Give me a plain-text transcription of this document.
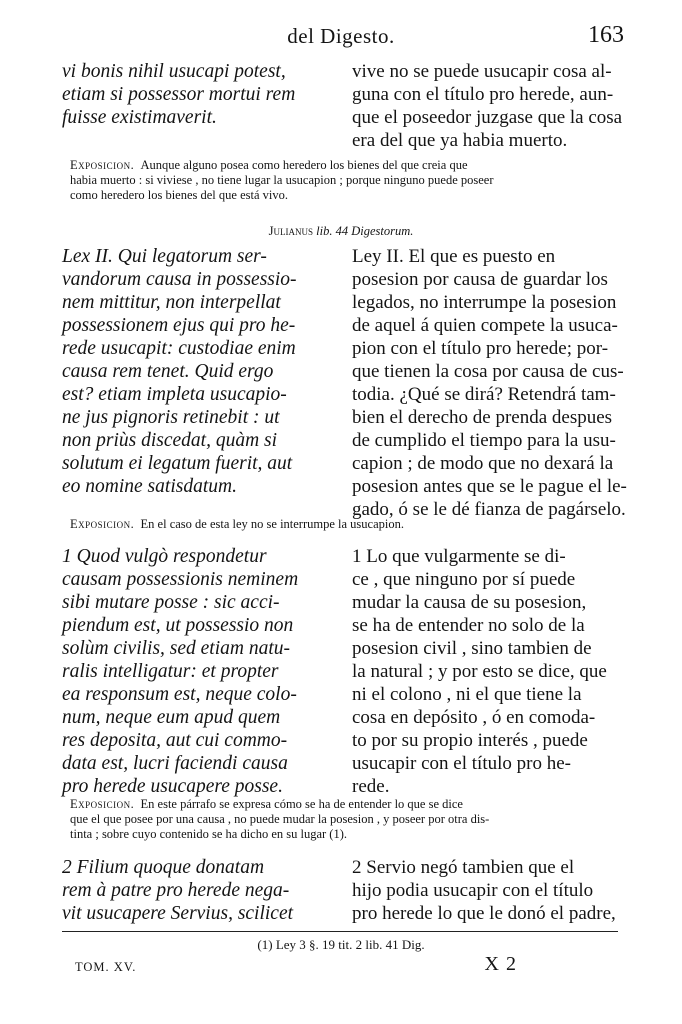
del Digesto.	163
vi bonis nihil usucapi potest,
etiam si possessor mortui rem
fuisse existimaverit.
vive no se puede usucapir cosa al-
guna con el título pro herede, aun-
que el poseedor juzgase que la cosa
era del que ya habia muerto.
Exposicion. Aunque alguno posea como heredero los bienes del que creia que
habia muerto : si viviese , no tiene lugar la usucapion ; porque ninguno puede poseer
como heredero los bienes del que está vivo.
Julianus lib. 44 Digestorum.
Lex II. Qui legatorum ser-
vandorum causa in possessio-
nem mittitur, non interpellat
possessionem ejus qui pro he-
rede usucapit: custodiae enim
causa rem tenet. Quid ergo
est? etiam impleta usucapio-
ne jus pignoris retinebit : ut
non priùs discedat, quàm si
solutum ei legatum fuerit, aut
eo nomine satisdatum.
Ley II. El que es puesto en
posesion por causa de guardar los
legados, no interrumpe la posesion
de aquel á quien compete la usuca-
pion con el título pro herede; por-
que tienen la cosa por causa de cus-
todia. ¿Qué se dirá? Retendrá tam-
bien el derecho de prenda despues
de cumplido el tiempo para la usu-
capion ; de modo que no dexará la
posesion antes que se le pague el le-
gado, ó se le dé fianza de pagárselo.
Exposicion. En el caso de esta ley no se interrumpe la usucapion.
1 Quod vulgò respondetur
causam possessionis neminem
sibi mutare posse : sic acci-
piendum est, ut possessio non
solùm civilis, sed etiam natu-
ralis intelligatur: et propter
ea responsum est, neque colo-
num, neque eum apud quem
res deposita, aut cui commo-
data est, lucri faciendi causa
pro herede usucapere posse.
1 Lo que vulgarmente se di-
ce , que ninguno por sí puede
mudar la causa de su posesion,
se ha de entender no solo de la
posesion civil , sino tambien de
la natural ; y por esto se dice, que
ni el colono , ni el que tiene la
cosa en depósito , ó en comoda-
to por su propio interés , puede
usucapir con el título pro he-
rede.
Exposicion. En este párrafo se expresa cómo se ha de entender lo que se dice
que el que posee por una causa , no puede mudar la posesion , y poseer por otra dis-
tinta ; sobre cuyo contenido se ha dicho en su lugar (1).
2 Filium quoque donatam
rem à patre pro herede nega-
vit usucapere Servius, scilicet
2 Servio negó tambien que el
hijo podia usucapir con el título
pro herede lo que le donó el padre,
(1) Ley 3 §. 19 tit. 2 lib. 41 Dig.
TOM. XV.	X 2
